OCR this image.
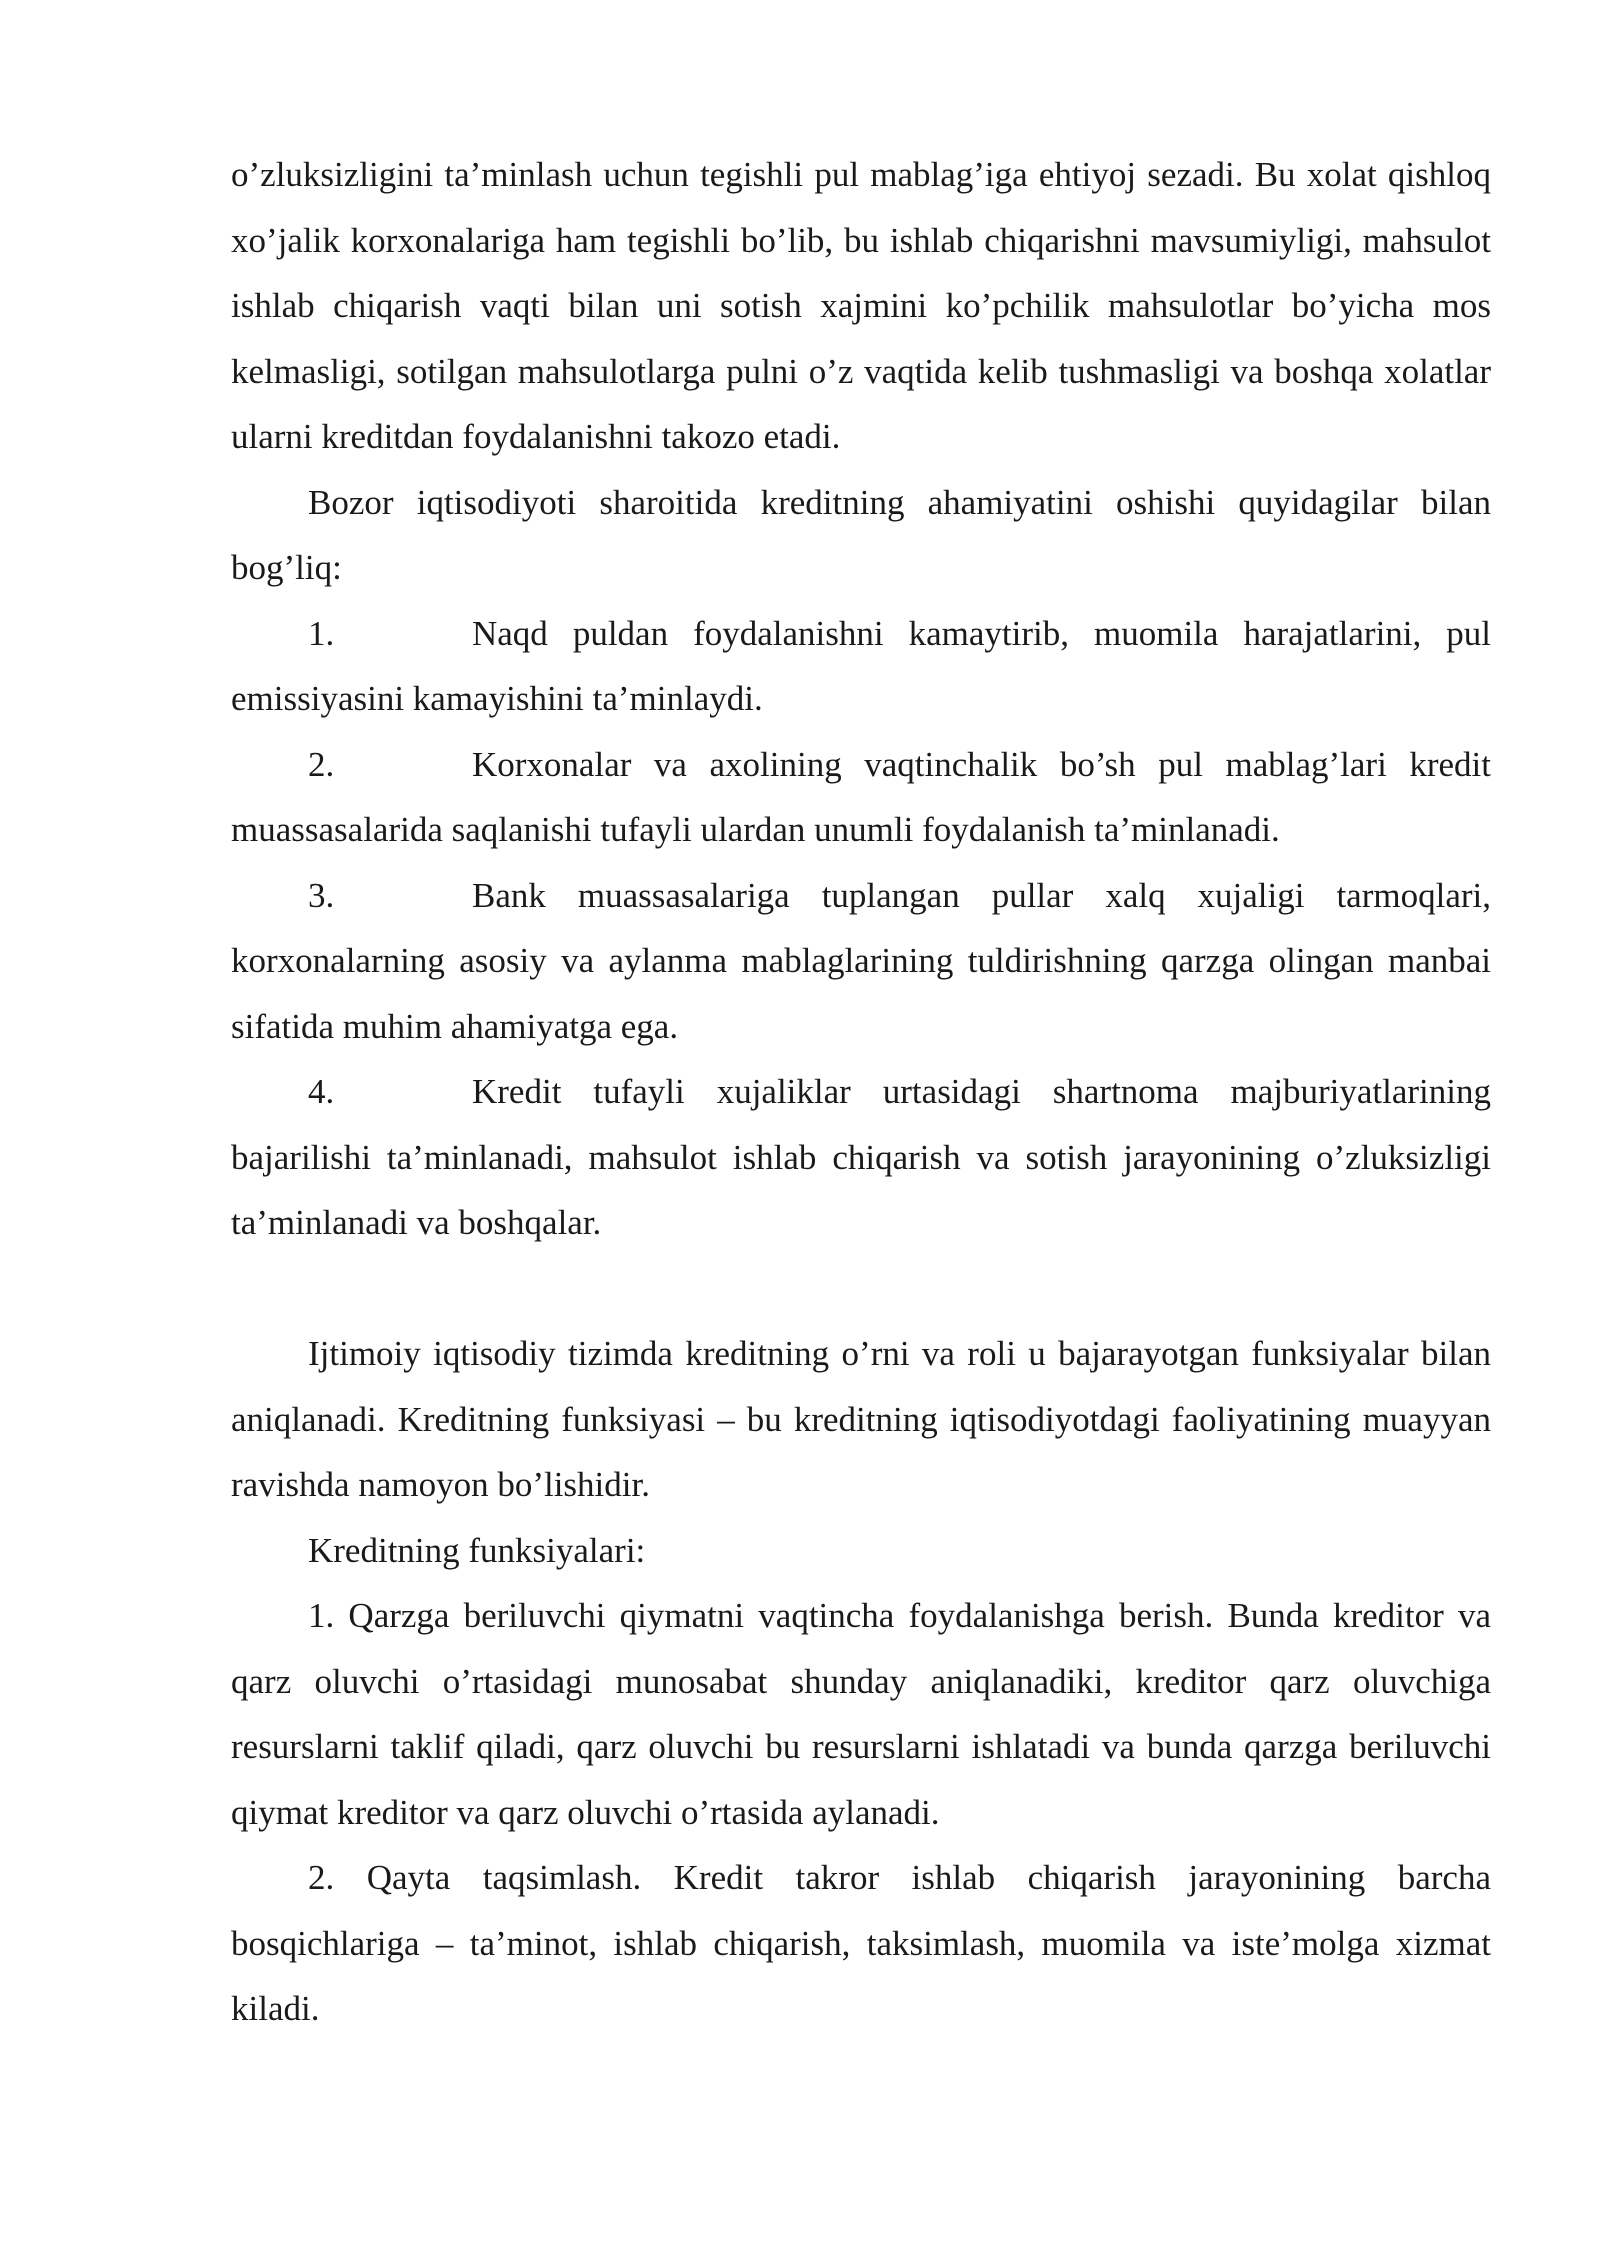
o’zluksizligini ta’minlash uchun tegishli pul mablag’iga ehtiyoj sezadi. Bu xolat qishloq xo’jalik korxonalariga ham tegishli bo’lib, bu ishlab chiqarishni mavsumiyligi, mahsulot ishlab chiqarish vaqti bilan uni sotish xajmini ko’pchilik mahsulotlar bo’yicha mos kelmasligi, sotilgan mahsulotlarga pulni o’z vaqtida kelib tushmasligi va boshqa xolatlar ularni kreditdan foydalanishni takozo etadi.

Bozor iqtisodiyoti sharoitida kreditning ahamiyatini oshishi quyidagilar bilan bog’liq:

1.	Naqd puldan foydalanishni kamaytirib, muomila harajatlarini, pul emissiyasini kamayishini ta’minlaydi.

2.	Korxonalar va axolining vaqtinchalik bo’sh pul mablag’lari kredit muassasalarida saqlanishi tufayli ulardan unumli foydalanish ta’minlanadi.

3.	Bank muassasalariga tuplangan pullar xalq xujaligi tarmoqlari, korxonalarning asosiy va aylanma mablaglarining tuldirishning qarzga olingan manbai sifatida muhim ahamiyatga ega.

4.	Kredit tufayli xujaliklar urtasidagi shartnoma majburiyatlarining bajarilishi ta’minlanadi, mahsulot ishlab chiqarish va sotish jarayonining o’zluksizligi ta’minlanadi va boshqalar.

Ijtimoiy iqtisodiy tizimda kreditning o’rni va roli u bajarayotgan funksiyalar bilan aniqlanadi. Kreditning funksiyasi – bu kreditning iqtisodiyotdagi faoliyatining muayyan ravishda namoyon bo’lishidir.

Kreditning funksiyalari:

1. Qarzga beriluvchi qiymatni vaqtincha foydalanishga berish. Bunda kreditor va qarz oluvchi o’rtasidagi munosabat shunday aniqlanadiki, kreditor qarz oluvchiga resurslarni taklif qiladi, qarz oluvchi bu resurslarni ishlatadi va bunda qarzga beriluvchi qiymat kreditor va qarz oluvchi o’rtasida aylanadi.

2. Qayta taqsimlash. Kredit takror ishlab chiqarish jarayonining barcha bosqichlariga – ta’minot, ishlab chiqarish, taksimlash, muomila va iste’molga xizmat kiladi.
